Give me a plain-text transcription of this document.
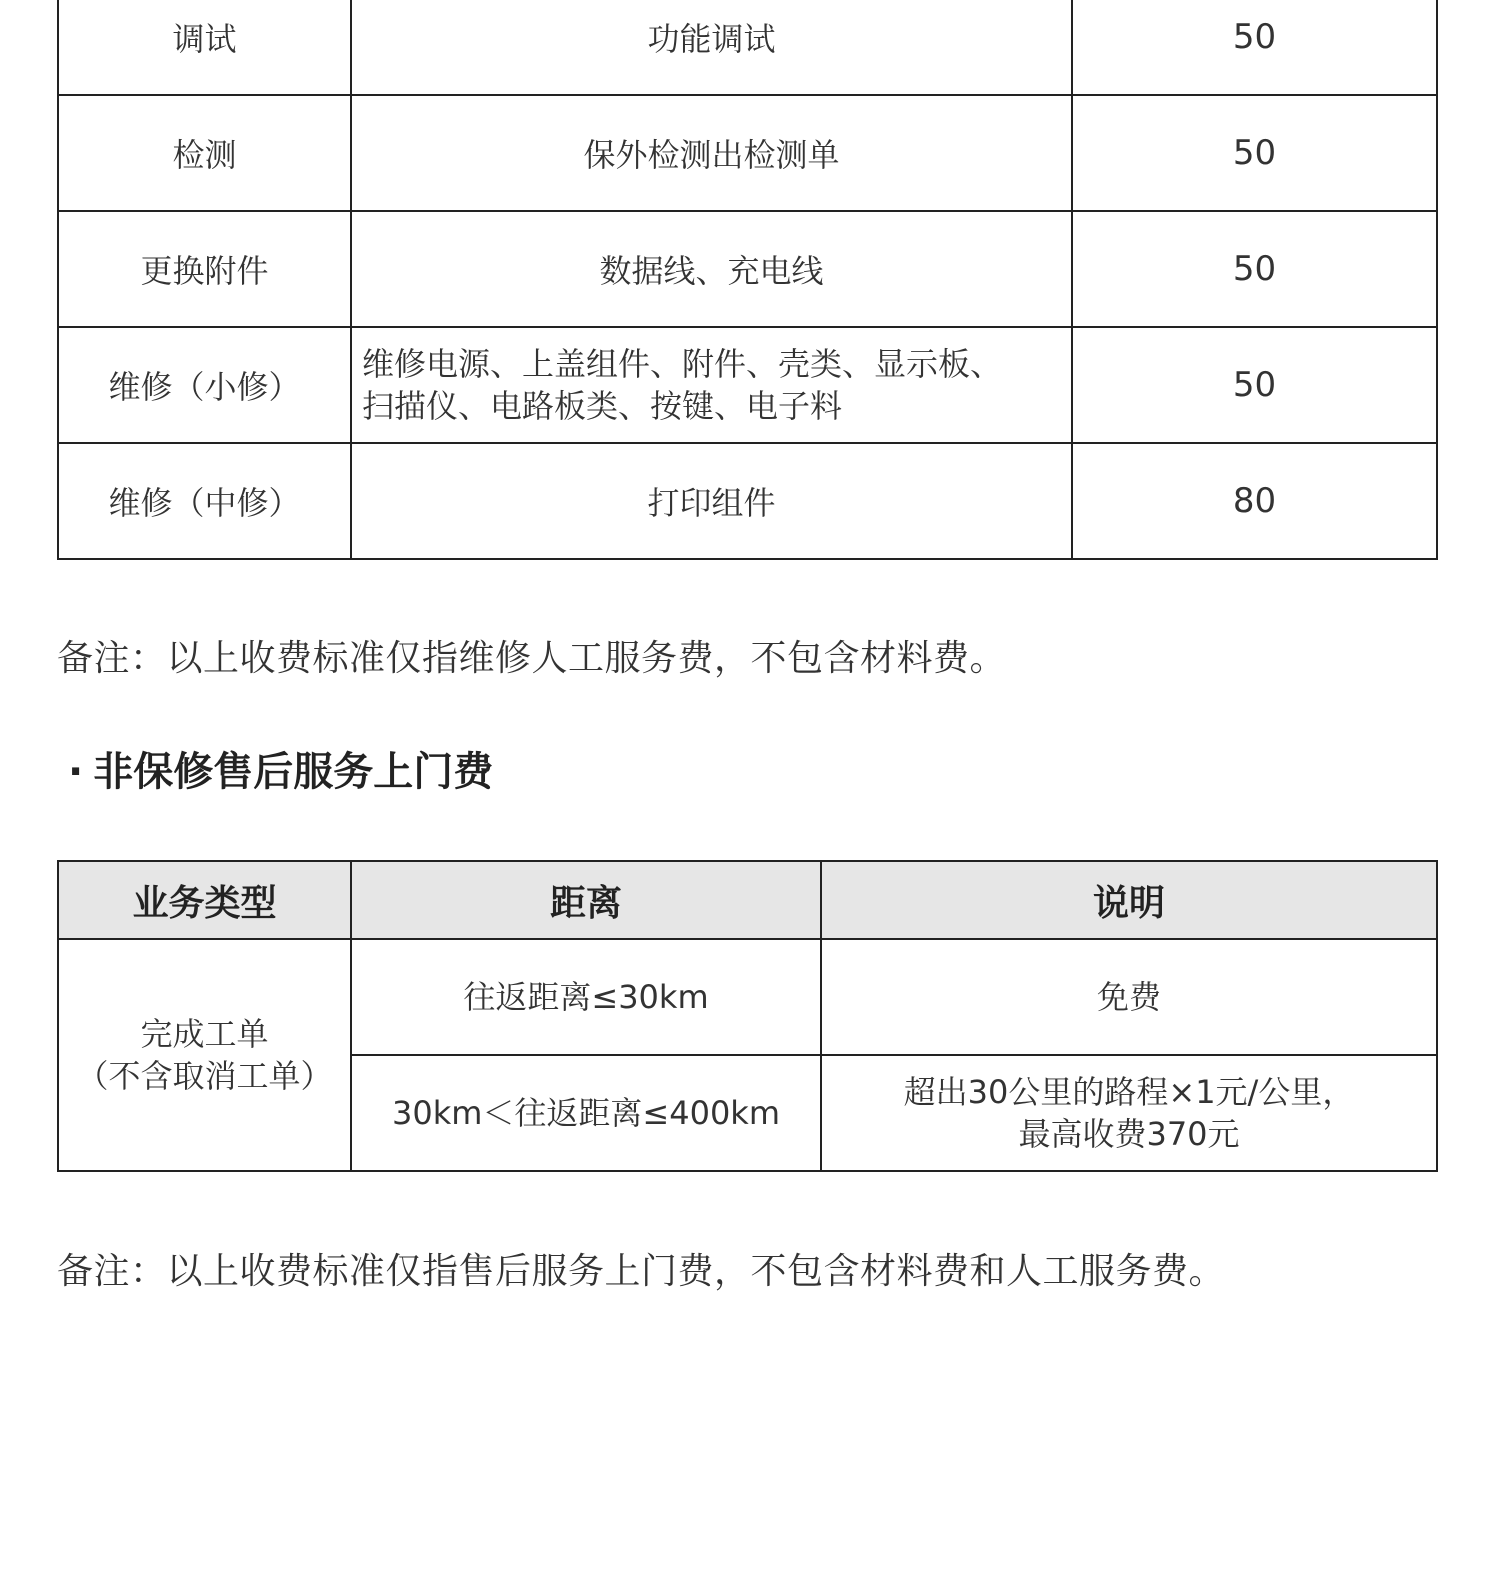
调试	功能调试	50
检测	保外检测出检测单	50
更换附件	数据线、充电线	50
维修（小修）	维修电源、上盖组件、附件、壳类、显示板、
扫描仪、电路板类、按键、电子料	50
维修（中修）	打印组件	80
备注：以上收费标准仅指维修人工服务费，不包含材料费。
· 非保修售后服务上门费
业务类型	距离	说明

完成工单
（不含取消工单）	往返距离≤30km	免费
	30km＜往返距离≤400km	超出30公里的路程×1元/公里，
最高收费370元
备注：以上收费标准仅指售后服务上门费，不包含材料费和人工服务费。
